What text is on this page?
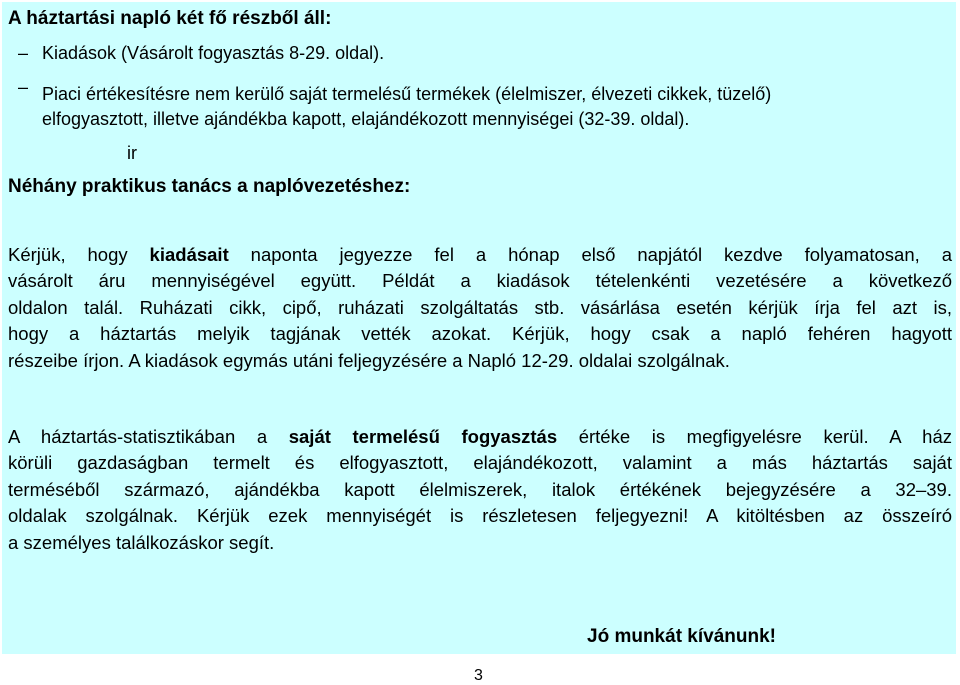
A háztartási napló két fő részből áll:
– Kiadások (Vásárolt fogyasztás 8-29. oldal).
– Piaci értékesítésre nem kerülő saját termelésű termékek (élelmiszer, élvezeti cikkek, tüzelő)
elfogyasztott, illetve ajándékba kapott, elajándékozott mennyiségei (32-39. oldal).
ir
Néhány praktikus tanács a naplóvezetéshez:
Kérjük, hogy kiadásait naponta jegyezze fel a hónap első napjától kezdve folyamatosan, a
vásárolt áru mennyiségével együtt. Példát a kiadások tételenkénti vezetésére a következő
oldalon talál. Ruházati cikk, cipő, ruházati szolgáltatás stb. vásárlása esetén kérjük írja fel azt is,
hogy a háztartás melyik tagjának vették azokat. Kérjük, hogy csak a napló fehéren hagyott
részeibe írjon. A kiadások egymás utáni feljegyzésére a Napló 12-29. oldalai szolgálnak.
A háztartás-statisztikában a saját termelésű fogyasztás értéke is megfigyelésre kerül. A ház
körüli gazdaságban termelt és elfogyasztott, elajándékozott, valamint a más háztartás saját
terméséből származó, ajándékba kapott élelmiszerek, italok értékének bejegyzésére a 32–39.
oldalak szolgálnak. Kérjük ezek mennyiségét is részletesen feljegyezni! A kitöltésben az összeíró
a személyes találkozáskor segít.
Jó munkát kívánunk!
3
